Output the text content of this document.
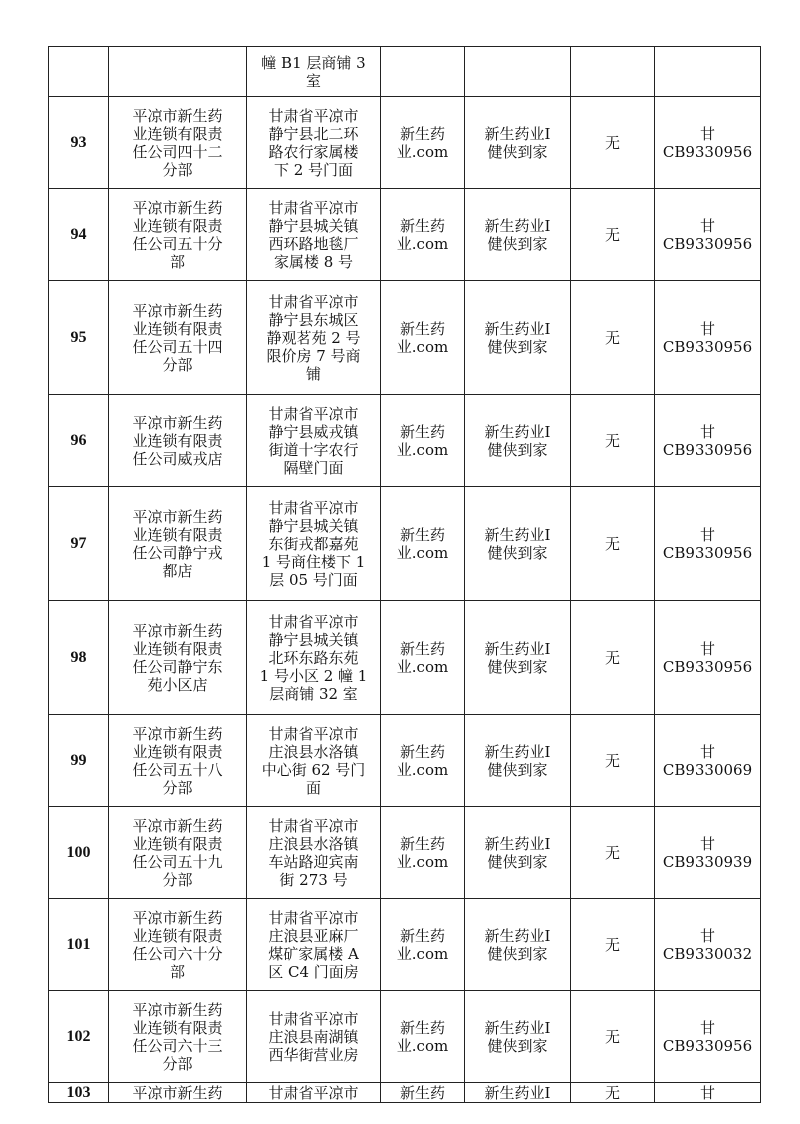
		幢 B1 层商铺 3
室				

93	平凉市新生药
业连锁有限责
任公司四十二
分部	甘肃省平凉市
静宁县北二环
路农行家属楼
下 2 号门面	新生药
业.com	新生药业I
健侠到家	无	甘
CB9330956

94	平凉市新生药
业连锁有限责
任公司五十分
部	甘肃省平凉市
静宁县城关镇
西环路地毯厂
家属楼 8 号	新生药
业.com	新生药业I
健侠到家	无	甘
CB9330956

95	平凉市新生药
业连锁有限责
任公司五十四
分部	甘肃省平凉市
静宁县东城区
静观茗苑 2 号
限价房 7 号商
铺	新生药
业.com	新生药业I
健侠到家	无	甘
CB9330956

96	平凉市新生药
业连锁有限责
任公司威戎店	甘肃省平凉市
静宁县威戎镇
街道十字农行
隔壁门面	新生药
业.com	新生药业I
健侠到家	无	甘
CB9330956

97	平凉市新生药
业连锁有限责
任公司静宁戎
都店	甘肃省平凉市
静宁县城关镇
东街戎都嘉苑
1 号商住楼下 1
层 05 号门面	新生药
业.com	新生药业I
健侠到家	无	甘
CB9330956

98	平凉市新生药
业连锁有限责
任公司静宁东
苑小区店	甘肃省平凉市
静宁县城关镇
北环东路东苑
1 号小区 2 幢 1
层商铺 32 室	新生药
业.com	新生药业I
健侠到家	无	甘
CB9330956

99	平凉市新生药
业连锁有限责
任公司五十八
分部	甘肃省平凉市
庄浪县水洛镇
中心街 62 号门
面	新生药
业.com	新生药业I
健侠到家	无	甘
CB9330069

100	平凉市新生药
业连锁有限责
任公司五十九
分部	甘肃省平凉市
庄浪县水洛镇
车站路迎宾南
街 273 号	新生药
业.com	新生药业I
健侠到家	无	甘
CB9330939

101	平凉市新生药
业连锁有限责
任公司六十分
部	甘肃省平凉市
庄浪县亚麻厂
煤矿家属楼 A
区 C4 门面房	新生药
业.com	新生药业I
健侠到家	无	甘
CB9330032

102	平凉市新生药
业连锁有限责
任公司六十三
分部	甘肃省平凉市
庄浪县南湖镇
西华街营业房	新生药
业.com	新生药业I
健侠到家	无	甘
CB9330956

103	平凉市新生药	甘肃省平凉市	新生药	新生药业I	无	甘
